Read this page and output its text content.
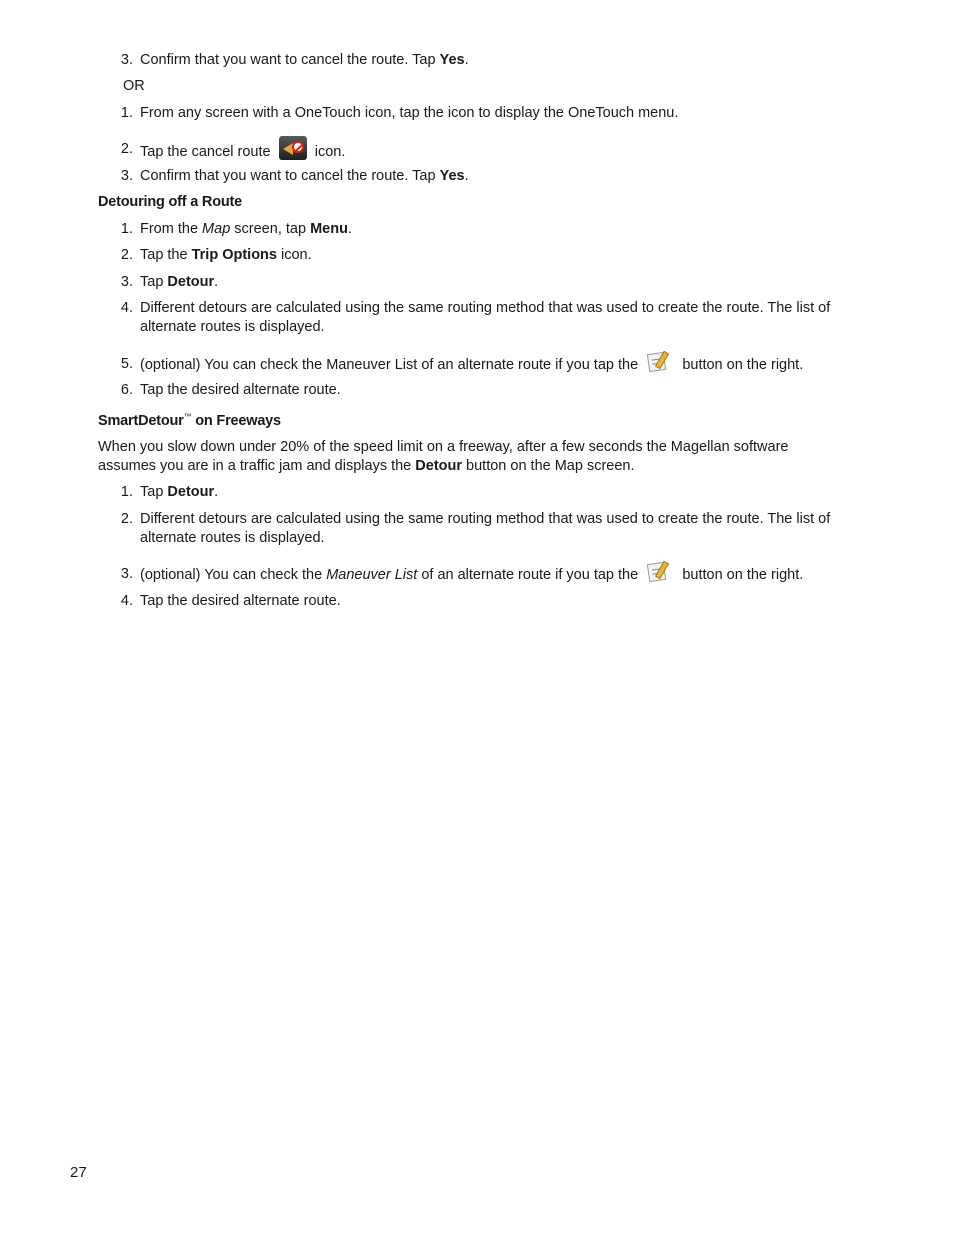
3. Confirm that you want to cancel the route. Tap Yes.
OR
1. From any screen with a OneTouch icon, tap the icon to display the OneTouch menu.
2. Tap the cancel route	icon.
3. Confirm that you want to cancel the route. Tap Yes.
Detouring off a Route
1. From the Map screen, tap Menu.
2. Tap the Trip Options icon.
3. Tap Detour.
4. Different detours are calculated using the same routing method that was used to create the route. The list of alternate routes is displayed.
5. (optional) You can check the Maneuver List of an alternate route if you tap the	button on the right.
6. Tap the desired alternate route.
SmartDetour™ on Freeways
When you slow down under 20% of the speed limit on a freeway, after a few seconds the Magellan software assumes you are in a traffic jam and displays the Detour button on the Map screen.
1. Tap Detour.
2. Different detours are calculated using the same routing method that was used to create the route. The list of alternate routes is displayed.
3. (optional) You can check the Maneuver List of an alternate route if you tap the	button on the right.
4. Tap the desired alternate route.
27
